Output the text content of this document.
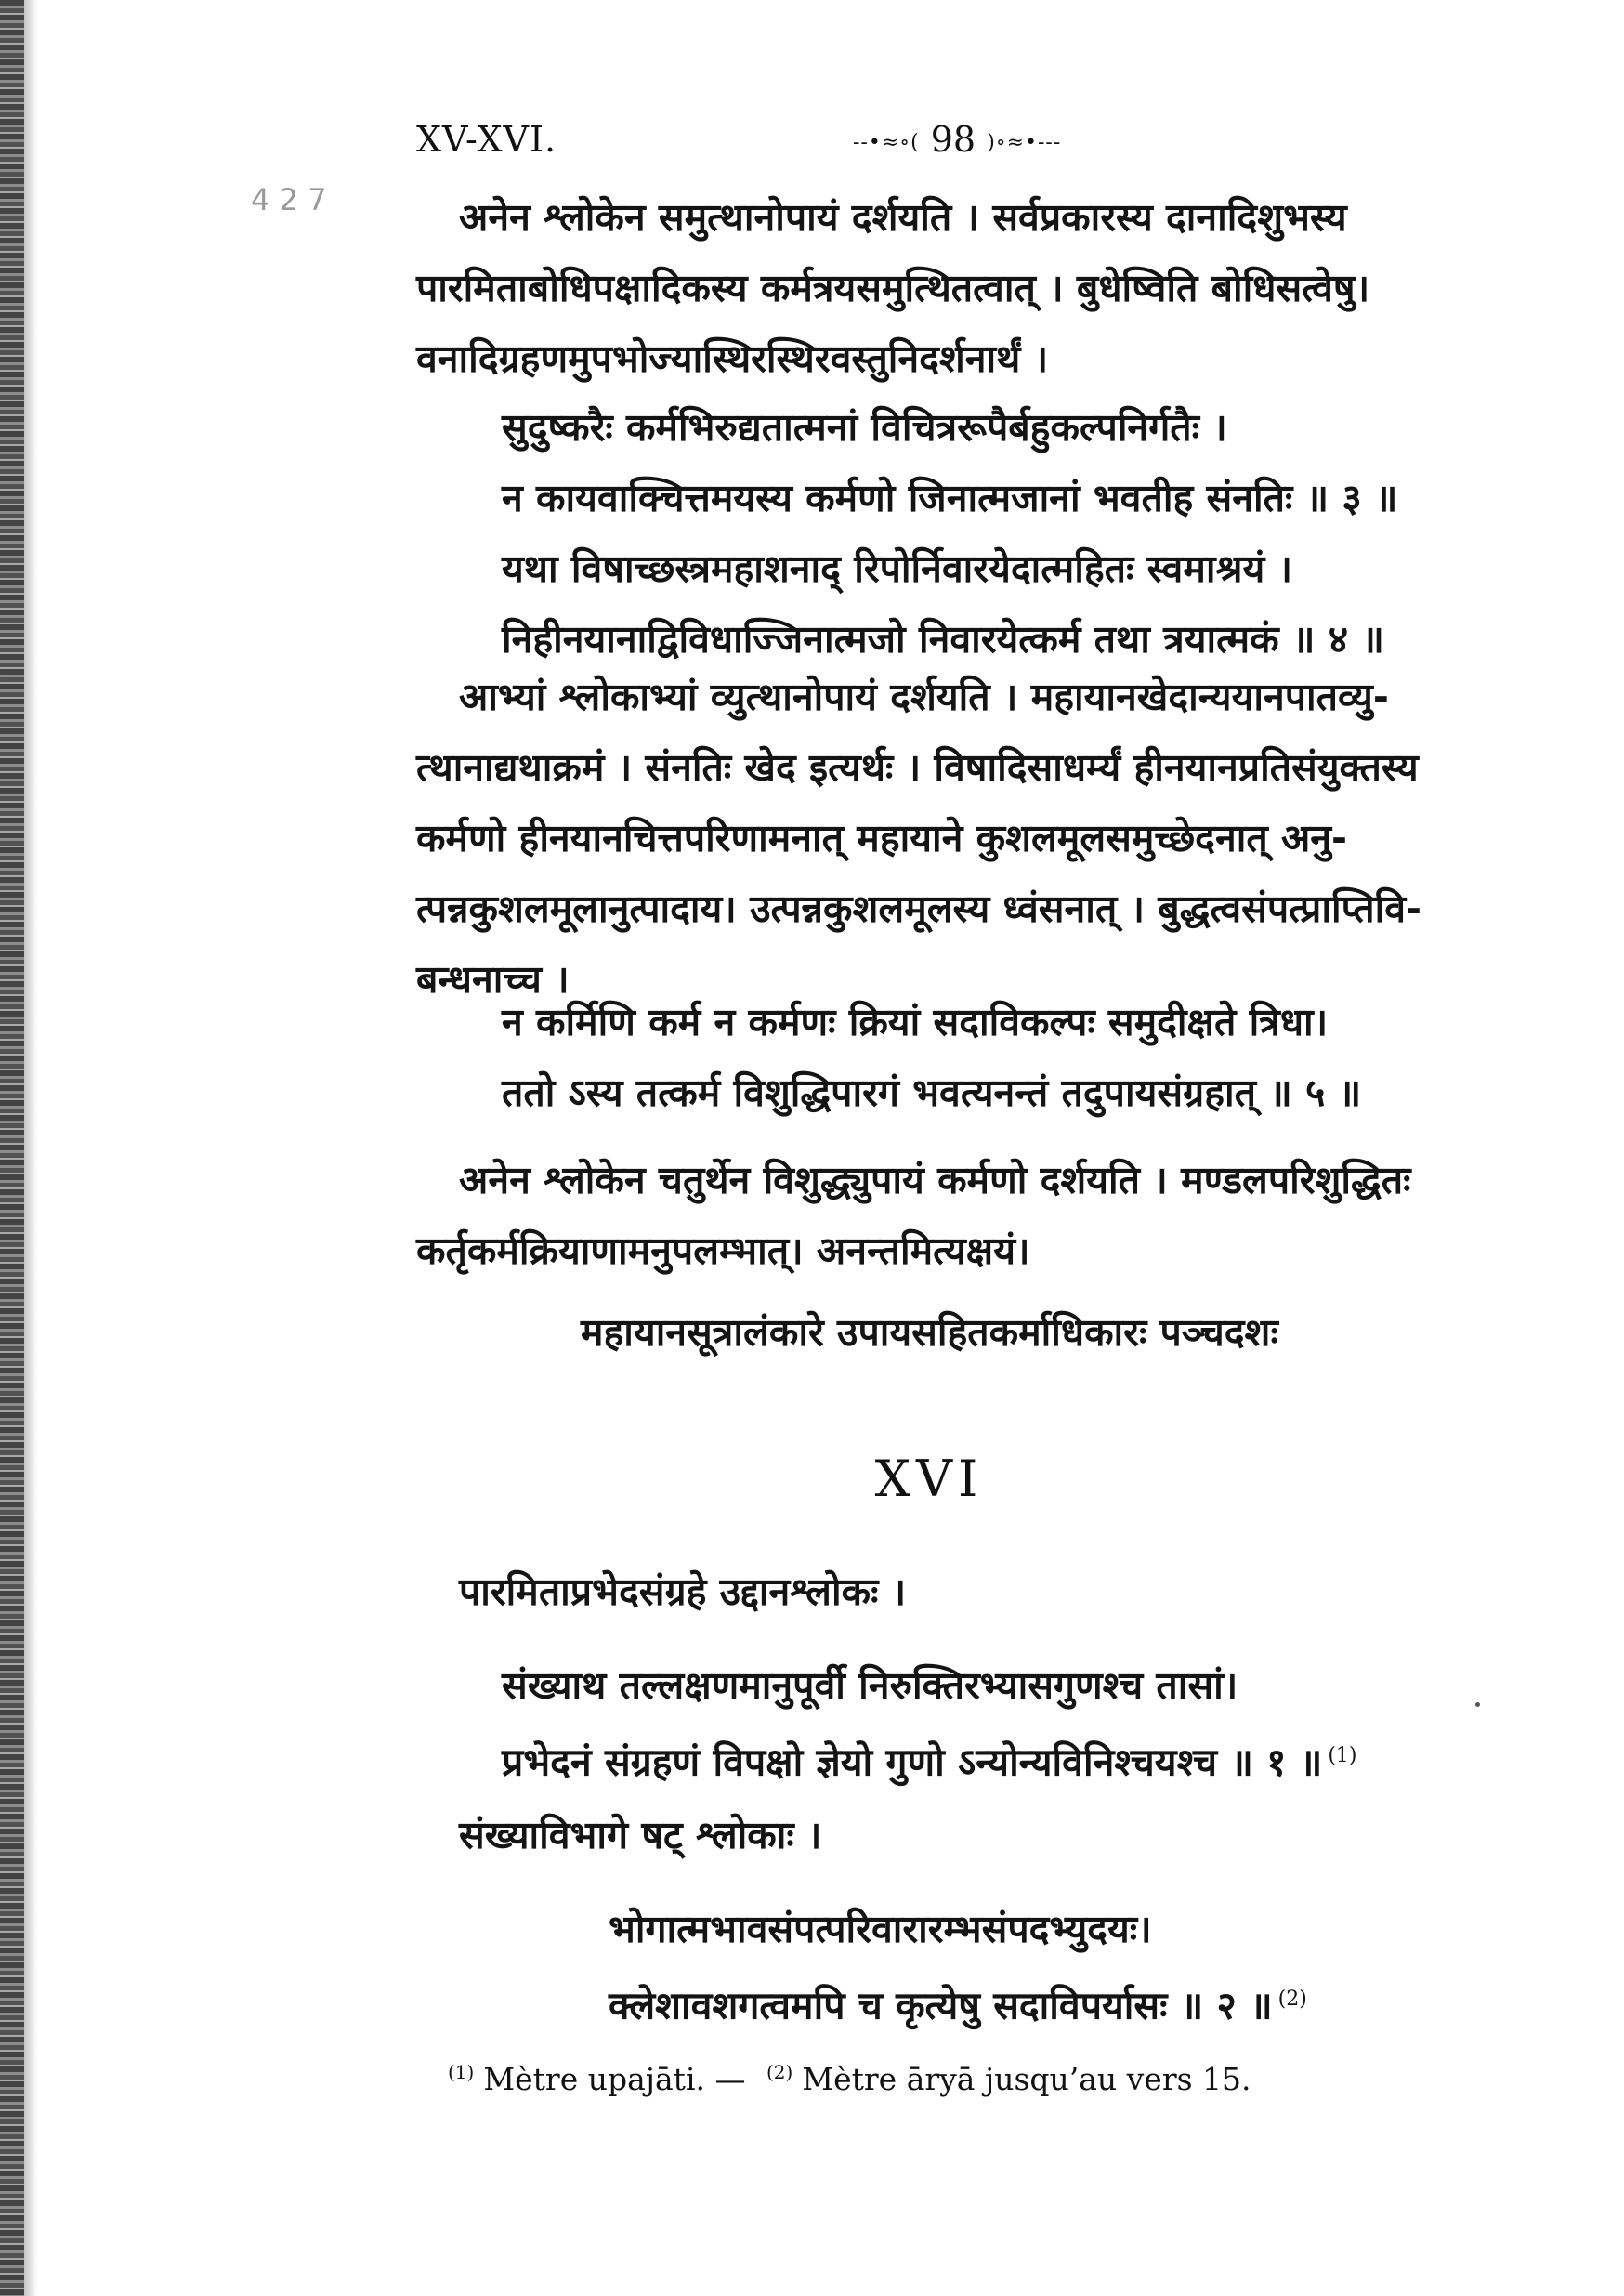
XV-XVI.	--•≈∘( 98 )∘≈•---
4 2 7	अनेन श्लोकेन समुत्थानोपायं दर्शयति । सर्वप्रकारस्य दानादिशुभस्य
पारमिताबोधिपक्षादिकस्य कर्मत्रयसमुत्थितत्वात् । बुधेष्विति बोधिसत्वेषु।
वनादिग्रहणमुपभोज्यास्थिरस्थिरवस्तुनिदर्शनार्थं ।
सुदुष्करैः कर्मभिरुद्यतात्मनां विचित्ररूपैर्बहुकल्पनिर्गतैः ।
न कायवाक्चित्तमयस्य कर्मणो जिनात्मजानां भवतीह संनतिः ॥ ३ ॥
यथा विषाच्छस्त्रमहाशनाद्‌ रिपोर्निवारयेदात्महितः स्वमाश्रयं ।
निहीनयानाद्विविधाज्जिनात्मजो निवारयेत्कर्म तथा त्रयात्मकं ॥ ४ ॥
आभ्यां श्लोकाभ्यां व्युत्थानोपायं दर्शयति । महायानखेदान्ययानपातव्यु-
त्थानाद्यथाक्रमं । संनतिः खेद इत्यर्थः । विषादिसाधर्म्यं हीनयानप्रतिसंयुक्तस्य
कर्मणो हीनयानचित्तपरिणामनात्‌ महायाने कुशलमूलसमुच्छेदनात्‌ अनु-
त्पन्नकुशलमूलानुत्पादाय। उत्पन्नकुशलमूलस्य ध्वंसनात्‌ । बुद्धत्वसंपत्प्राप्तिवि-
बन्धनाच्च ।
न कर्मिणि कर्म न कर्मणः क्रियां सदाविकल्पः समुदीक्षते त्रिधा।
ततो ऽस्य तत्कर्म विशुद्धिपारगं भवत्यनन्तं तदुपायसंग्रहात्‌ ॥ ५ ॥
अनेन श्लोकेन चतुर्थेन विशुद्ध्युपायं कर्मणो दर्शयति । मण्डलपरिशुद्धितः
कर्तृकर्मक्रियाणामनुपलम्भात्‌। अनन्तमित्यक्षयं।
महायानसूत्रालंकारे उपायसहितकर्माधिकारः पञ्चदशः
XVI
पारमिताप्रभेदसंग्रहे उद्दानश्लोकः ।
संख्याथ तल्लक्षणमानुपूर्वी निरुक्तिरभ्यासगुणश्च तासां।
प्रभेदनं संग्रहणं विपक्षो ज्ञेयो गुणो ऽन्योन्यविनिश्चयश्च ॥ १ ॥ $^{(1)}$
संख्याविभागे षट् श्लोकाः ।
भोगात्मभावसंपत्परिवारारम्भसंपदभ्युदयः।
क्लेशावशगत्वमपि च कृत्येषु सदाविपर्यासः ॥ २ ॥ $^{(2)}$
$^{(1)}$ Mètre upajāti. — $^{(2)}$ Mètre āryā jusqu’au vers 15.
